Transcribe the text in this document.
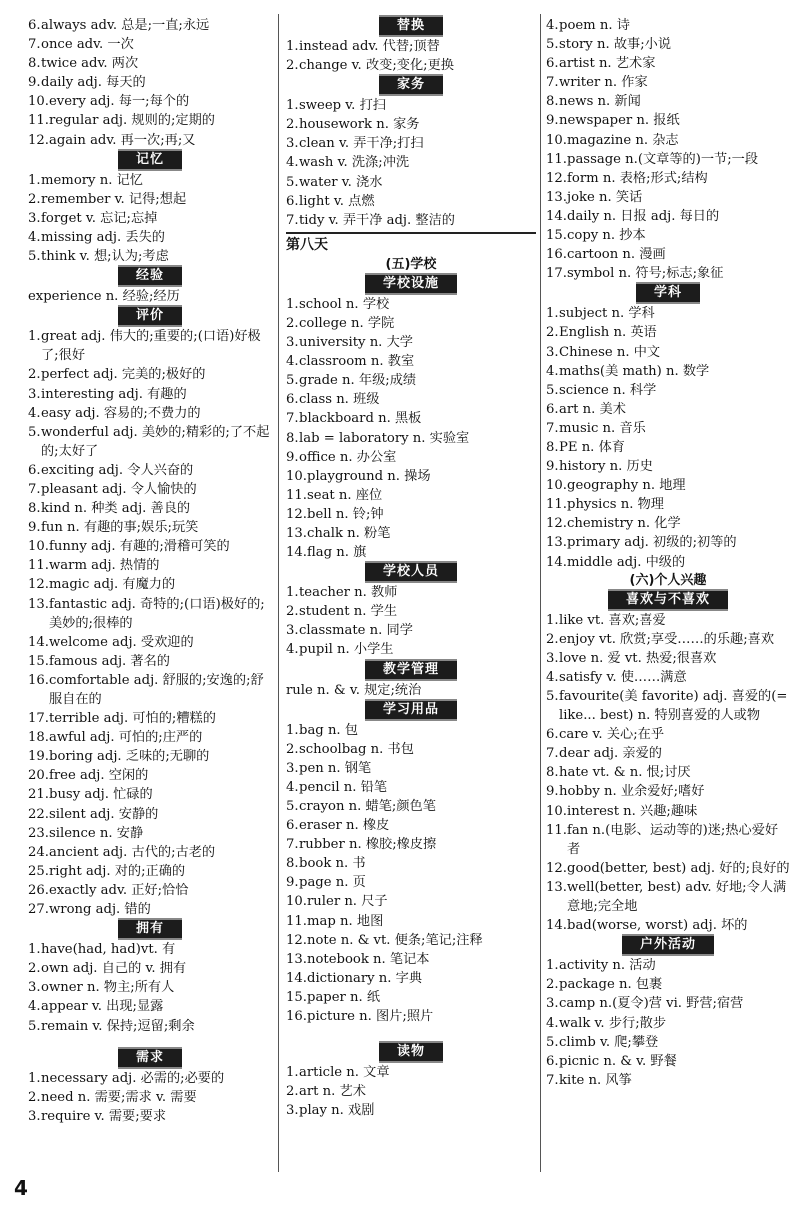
6.always adv. 总是;一直;永远
7.once adv. 一次
8.twice adv. 两次
9.daily adj. 每天的
10.every adj. 每一;每个的
11.regular adj. 规则的;定期的
12.again adv. 再一次;再;又
记忆
1.memory n. 记忆
2.remember v. 记得;想起
3.forget v. 忘记;忘掉
4.missing adj. 丢失的
5.think v. 想;认为;考虑
经验
experience n. 经验;经历
评价
1.great adj. 伟大的;重要的;(口语)好极了;很好
2.perfect adj. 完美的;极好的
3.interesting adj. 有趣的
4.easy adj. 容易的;不费力的
5.wonderful adj. 美妙的;精彩的;了不起的;太好了
6.exciting adj. 令人兴奋的
7.pleasant adj. 令人愉快的
8.kind n. 种类 adj. 善良的
9.fun n. 有趣的事;娱乐;玩笑
10.funny adj. 有趣的;滑稽可笑的
11.warm adj. 热情的
12.magic adj. 有魔力的
13.fantastic adj. 奇特的;(口语)极好的;美妙的;很棒的
14.welcome adj. 受欢迎的
15.famous adj. 著名的
16.comfortable adj. 舒服的;安逸的;舒服自在的
17.terrible adj. 可怕的;糟糕的
18.awful adj. 可怕的;庄严的
19.boring adj. 乏味的;无聊的
20.free adj. 空闲的
21.busy adj. 忙碌的
22.silent adj. 安静的
23.silence n. 安静
24.ancient adj. 古代的;古老的
25.right adj. 对的;正确的
26.exactly adv. 正好;恰恰
27.wrong adj. 错的
拥有
1.have(had, had)vt. 有
2.own adj. 自己的 v. 拥有
3.owner n. 物主;所有人
4.appear v. 出现;显露
5.remain v. 保持;逗留;剩余
需求
1.necessary adj. 必需的;必要的
2.need n. 需要;需求 v. 需要
3.require v. 需要;要求
替换
1.instead adv. 代替;顶替
2.change v. 改变;变化;更换
家务
1.sweep v. 打扫
2.housework n. 家务
3.clean v. 弄干净;打扫
4.wash v. 洗涤;冲洗
5.water v. 浇水
6.light v. 点燃
7.tidy v. 弄干净 adj. 整洁的
第八天
(五)学校
学校设施
1.school n. 学校
2.college n. 学院
3.university n. 大学
4.classroom n. 教室
5.grade n. 年级;成绩
6.class n. 班级
7.blackboard n. 黑板
8.lab = laboratory n. 实验室
9.office n. 办公室
10.playground n. 操场
11.seat n. 座位
12.bell n. 铃;钟
13.chalk n. 粉笔
14.flag n. 旗
学校人员
1.teacher n. 教师
2.student n. 学生
3.classmate n. 同学
4.pupil n. 小学生
教学管理
rule n. & v. 规定;统治
学习用品
1.bag n. 包
2.schoolbag n. 书包
3.pen n. 钢笔
4.pencil n. 铅笔
5.crayon n. 蜡笔;颜色笔
6.eraser n. 橡皮
7.rubber n. 橡胶;橡皮擦
8.book n. 书
9.page n. 页
10.ruler n. 尺子
11.map n. 地图
12.note n. & vt. 便条;笔记;注释
13.notebook n. 笔记本
14.dictionary n. 字典
15.paper n. 纸
16.picture n. 图片;照片
读物
1.article n. 文章
2.art n. 艺术
3.play n. 戏剧
4.poem n. 诗
5.story n. 故事;小说
6.artist n. 艺术家
7.writer n. 作家
8.news n. 新闻
9.newspaper n. 报纸
10.magazine n. 杂志
11.passage n.(文章等的)一节;一段
12.form n. 表格;形式;结构
13.joke n. 笑话
14.daily n. 日报 adj. 每日的
15.copy n. 抄本
16.cartoon n. 漫画
17.symbol n. 符号;标志;象征
学科
1.subject n. 学科
2.English n. 英语
3.Chinese n. 中文
4.maths(美 math) n. 数学
5.science n. 科学
6.art n. 美术
7.music n. 音乐
8.PE n. 体育
9.history n. 历史
10.geography n. 地理
11.physics n. 物理
12.chemistry n. 化学
13.primary adj. 初级的;初等的
14.middle adj. 中级的
(六)个人兴趣
喜欢与不喜欢
1.like vt. 喜欢;喜爱
2.enjoy vt. 欣赏;享受……的乐趣;喜欢
3.love n. 爱 vt. 热爱;很喜欢
4.satisfy v. 使……满意
5.favourite(美 favorite) adj. 喜爱的(= like... best) n. 特别喜爱的人或物
6.care v. 关心;在乎
7.dear adj. 亲爱的
8.hate vt. & n. 恨;讨厌
9.hobby n. 业余爱好;嗜好
10.interest n. 兴趣;趣味
11.fan n.(电影、运动等的)迷;热心爱好者
12.good(better, best) adj. 好的;良好的
13.well(better, best) adv. 好地;令人满意地;完全地
14.bad(worse, worst) adj. 坏的
户外活动
1.activity n. 活动
2.package n. 包裹
3.camp n.(夏令)营 vi. 野营;宿营
4.walk v. 步行;散步
5.climb v. 爬;攀登
6.picnic n. & v. 野餐
7.kite n. 风筝
4
